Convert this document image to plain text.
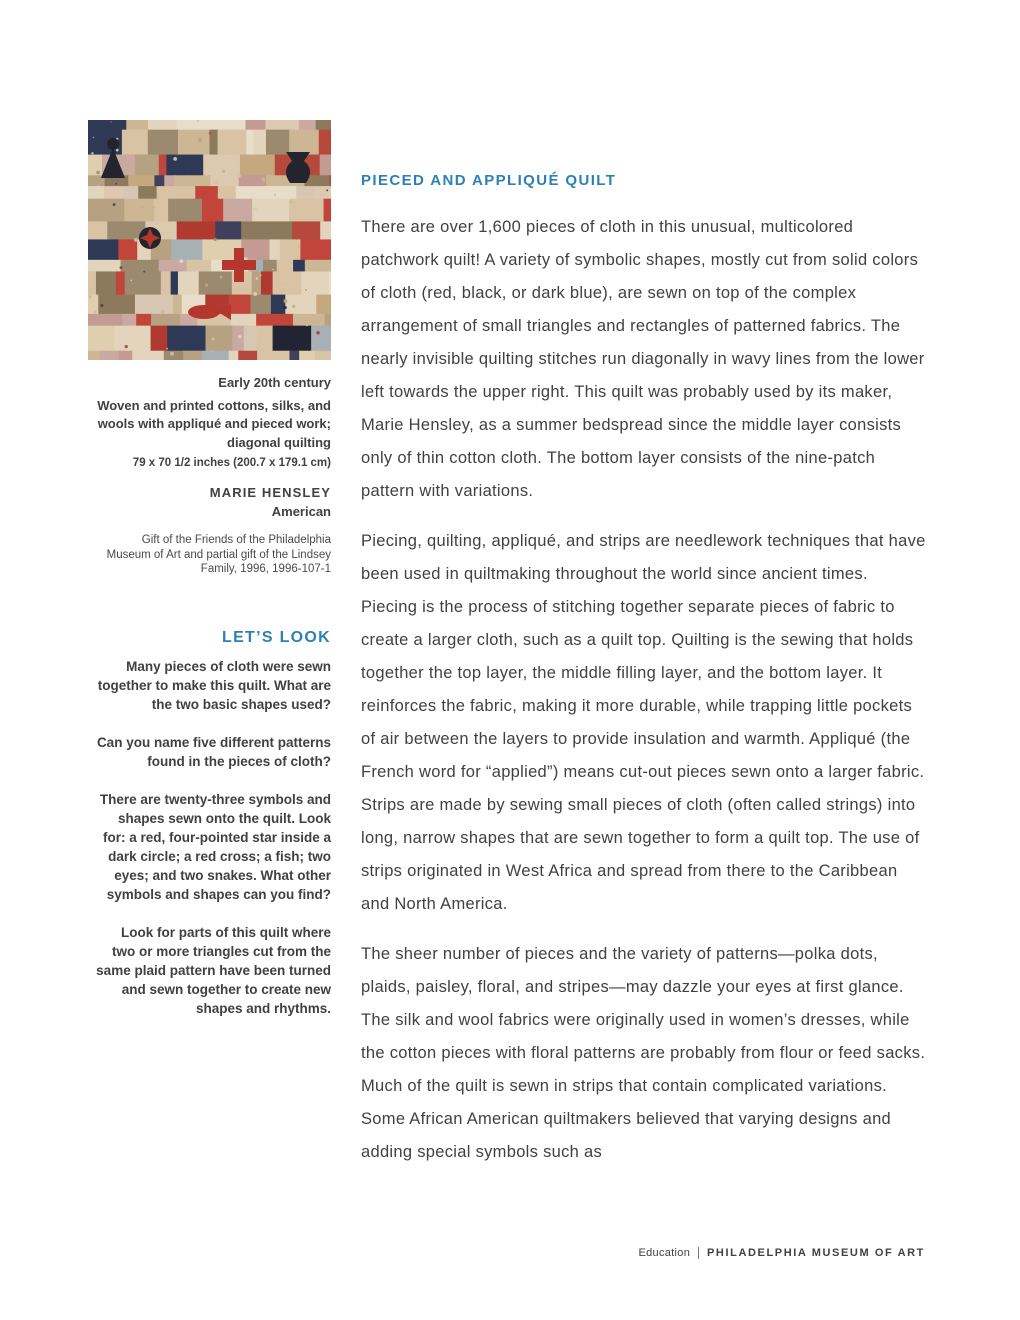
Early 20th century
Woven and printed cottons, silks, and wools with appliqué and pieced work; diagonal quilting
79 x 70 1/2 inches (200.7 x 179.1 cm)
MARIE HENSLEY
American
Gift of the Friends of the Philadelphia Museum of Art and partial gift of the Lindsey Family, 1996, 1996-107-1
LET’S LOOK

Many pieces of cloth were sewn together to make this quilt. What are the two basic shapes used?

Can you name five different patterns found in the pieces of cloth?

There are twenty-three symbols and shapes sewn onto the quilt. Look for: a red, four-pointed star inside a dark circle; a red cross; a fish; two eyes; and two snakes. What other symbols and shapes can you find?

Look for parts of this quilt where two or more triangles cut from the same plaid pattern have been turned and sewn together to create new shapes and rhythms.

PIECED AND APPLIQUÉ QUILT

There are over 1,600 pieces of cloth in this unusual, multicolored patchwork quilt! A variety of symbolic shapes, mostly cut from solid colors of cloth (red, black, or dark blue), are sewn on top of the complex arrangement of small triangles and rectangles of patterned fabrics. The nearly invisible quilting stitches run diagonally in wavy lines from the lower left towards the upper right. This quilt was probably used by its maker, Marie Hensley, as a summer bedspread since the middle layer consists only of thin cotton cloth. The bottom layer consists of the nine-patch pattern with variations.

Piecing, quilting, appliqué, and strips are needlework techniques that have been used in quiltmaking throughout the world since ancient times. Piecing is the process of stitching together separate pieces of fabric to create a larger cloth, such as a quilt top. Quilting is the sewing that holds together the top layer, the middle filling layer, and the bottom layer. It reinforces the fabric, making it more durable, while trapping little pockets of air between the layers to provide insulation and warmth. Appliqué (the French word for “applied”) means cut-out pieces sewn onto a larger fabric. Strips are made by sewing small pieces of cloth (often called strings) into long, narrow shapes that are sewn together to form a quilt top. The use of strips originated in West Africa and spread from there to the Caribbean and North America.

The sheer number of pieces and the variety of patterns—polka dots, plaids, paisley, floral, and stripes—may dazzle your eyes at first glance. The silk and wool fabrics were originally used in women’s dresses, while the cotton pieces with floral patterns are probably from flour or feed sacks. Much of the quilt is sewn in strips that contain complicated variations. Some African American quiltmakers believed that varying designs and adding special symbols such as

Education | PHILADELPHIA MUSEUM OF ART
